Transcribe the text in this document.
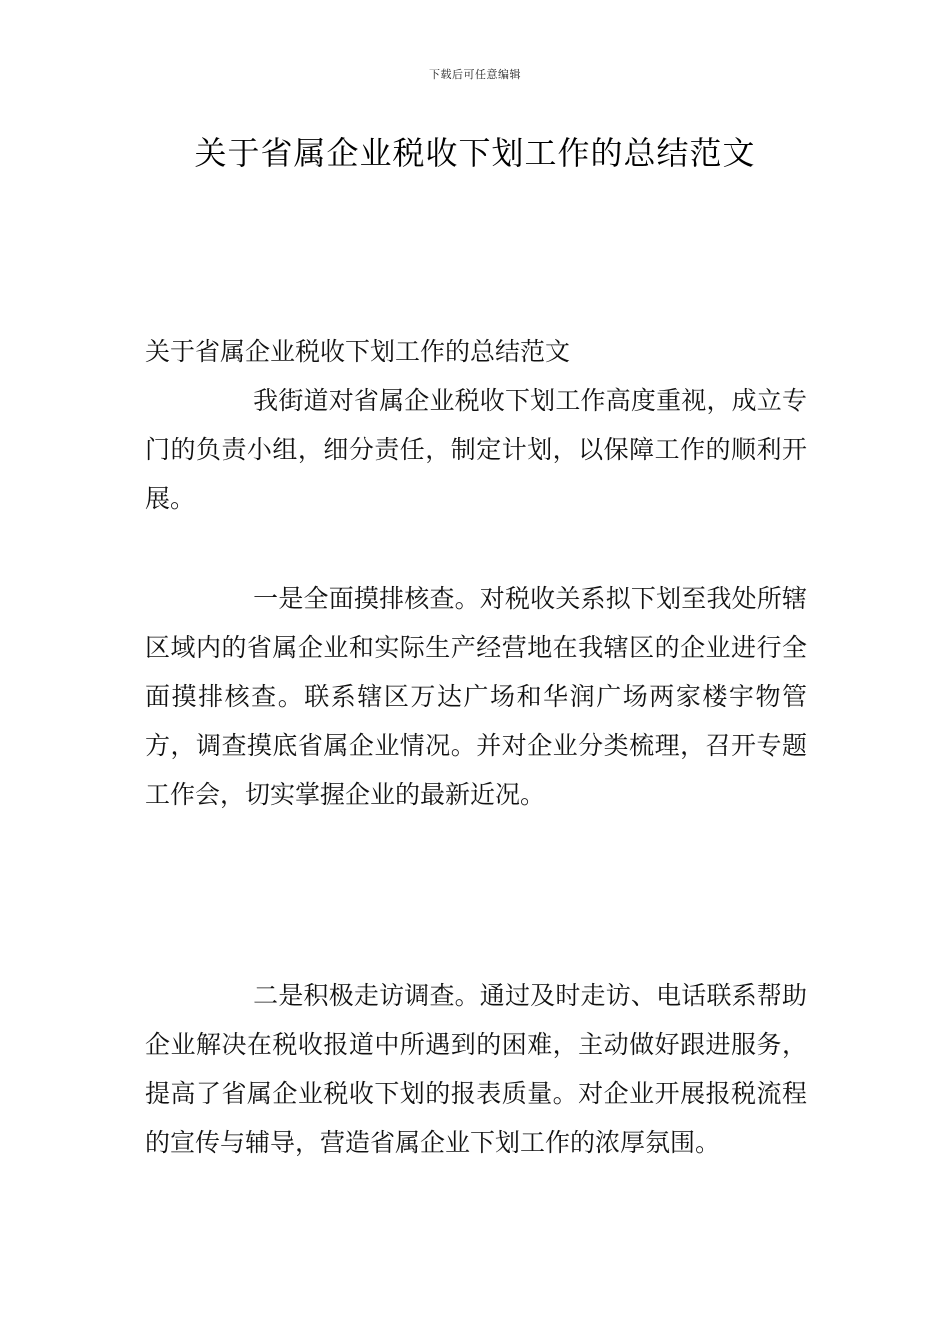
下载后可任意编辑
关于省属企业税收下划工作的总结范文

关于省属企业税收下划工作的总结范文

我街道对省属企业税收下划工作高度重视，成立专门的负责小组，细分责任，制定计划，以保障工作的顺利开展。

一是全面摸排核查。对税收关系拟下划至我处所辖区域内的省属企业和实际生产经营地在我辖区的企业进行全面摸排核查。联系辖区万达广场和华润广场两家楼宇物管方，调查摸底省属企业情况。并对企业分类梳理，召开专题工作会，切实掌握企业的最新近况。

二是积极走访调查。通过及时走访、电话联系帮助企业解决在税收报道中所遇到的困难，主动做好跟进服务，提高了省属企业税收下划的报表质量。对企业开展报税流程的宣传与辅导，营造省属企业下划工作的浓厚氛围。
